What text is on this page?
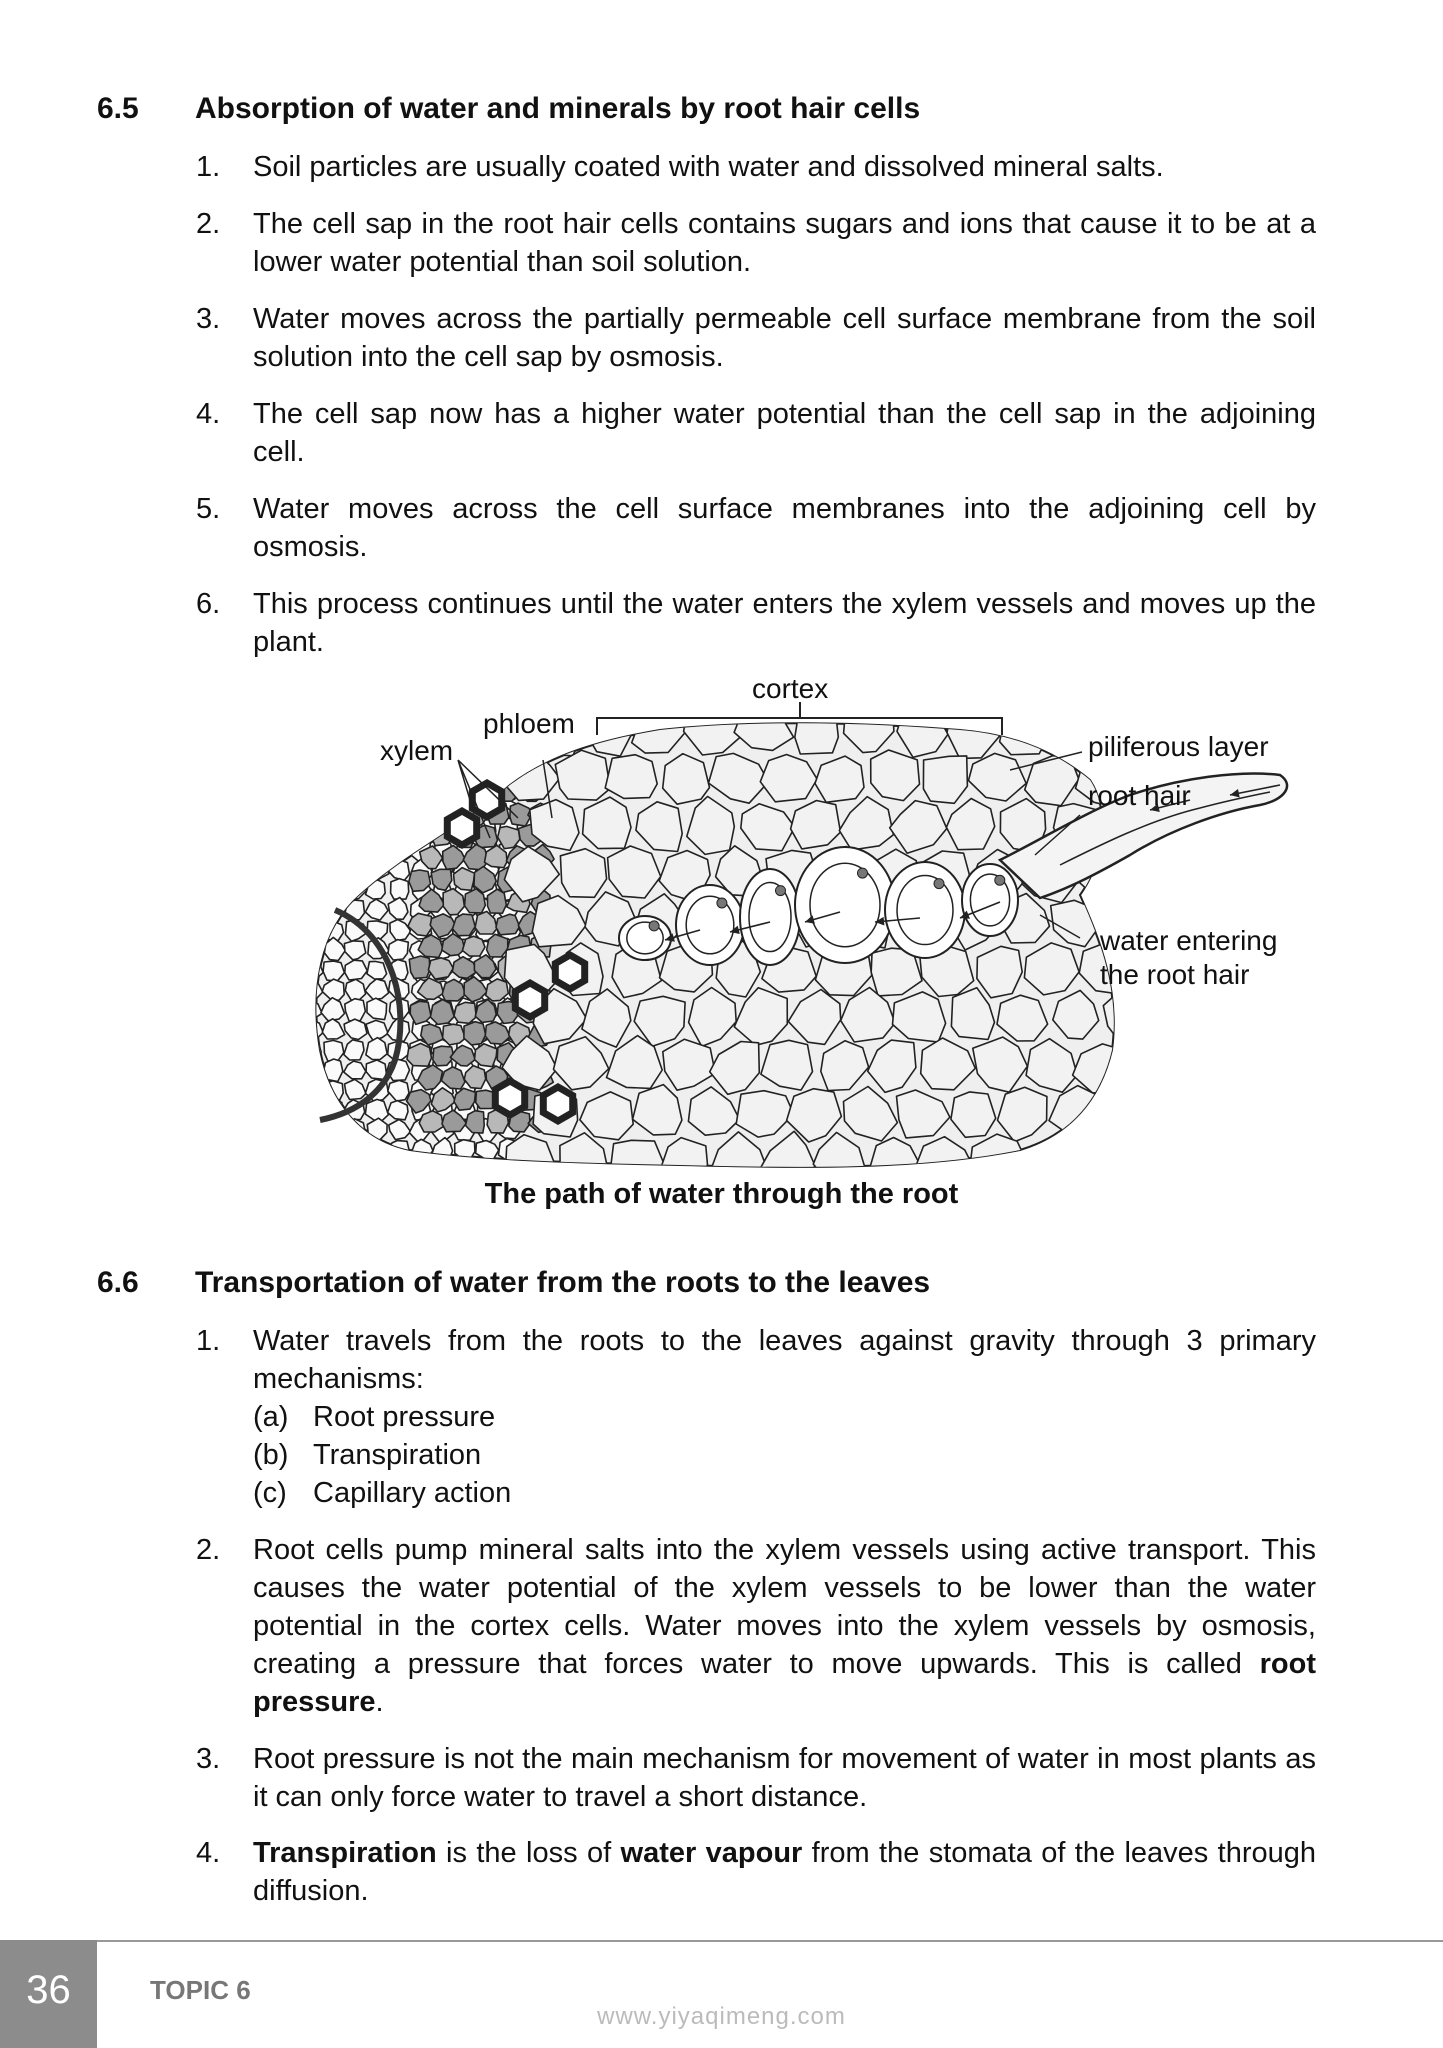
6.5 Absorption of water and minerals by root hair cells
1. Soil particles are usually coated with water and dissolved mineral salts.
2. The cell sap in the root hair cells contains sugars and ions that cause it to be at a lower water potential than soil solution.
3. Water moves across the partially permeable cell surface membrane from the soil solution into the cell sap by osmosis.
4. The cell sap now has a higher water potential than the cell sap in the adjoining cell.
5. Water moves across the cell surface membranes into the adjoining cell by osmosis.
6. This process continues until the water enters the xylem vessels and moves up the plant.
cortex
phloem
xylem	piliferous layer
root hair
water entering
the root hair
The path of water through the root
6.6 Transportation of water from the roots to the leaves
1. Water travels from the roots to the leaves against gravity through 3 primary mechanisms:
(a) Root pressure
(b) Transpiration
(c) Capillary action
2. Root cells pump mineral salts into the xylem vessels using active transport. This causes the water potential of the xylem vessels to be lower than the water potential in the cortex cells. Water moves into the xylem vessels by osmosis, creating a pressure that forces water to move upwards. This is called root pressure.
3. Root pressure is not the main mechanism for movement of water in most plants as it can only force water to travel a short distance.
4. Transpiration is the loss of water vapour from the stomata of the leaves through diffusion.
36	TOPIC 6
www.yiyaqimeng.com
